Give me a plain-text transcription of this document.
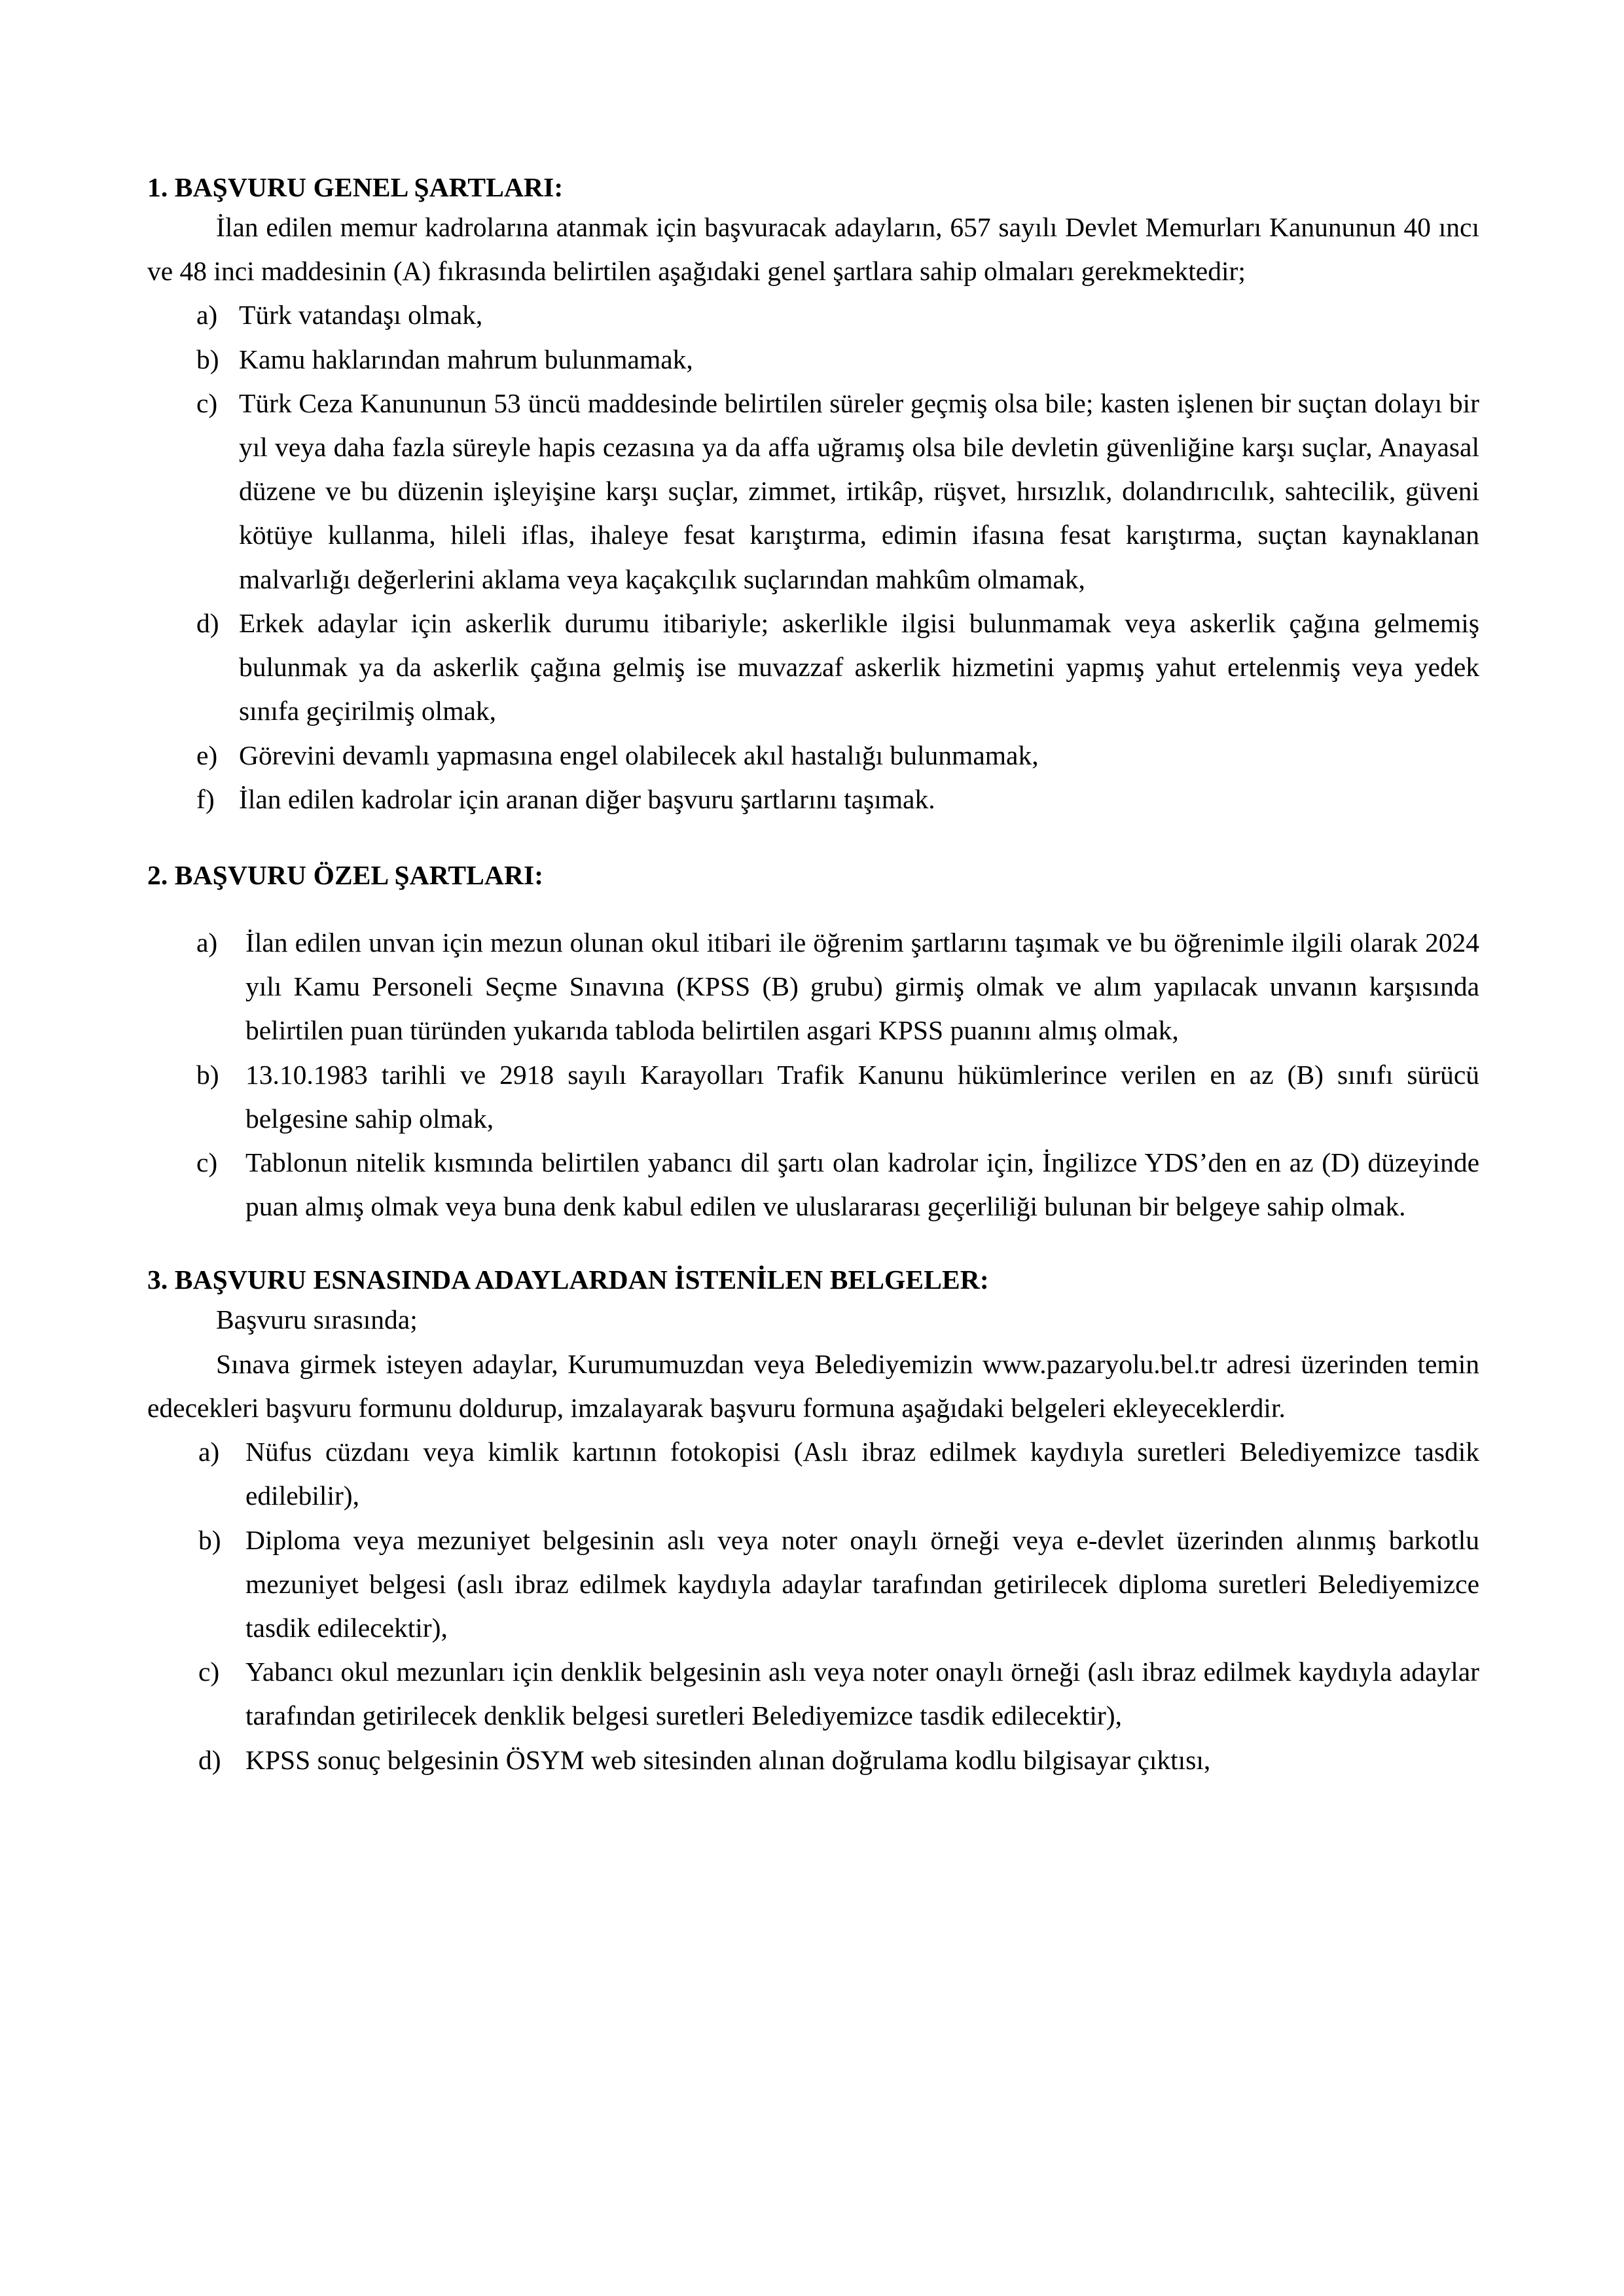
1. BAŞVURU GENEL ŞARTLARI:

İlan edilen memur kadrolarına atanmak için başvuracak adayların, 657 sayılı Devlet Memurları Kanununun 40 ıncı ve 48 inci maddesinin (A) fıkrasında belirtilen aşağıdaki genel şartlara sahip olmaları gerekmektedir;

a) Türk vatandaşı olmak,
b) Kamu haklarından mahrum bulunmamak,
c) Türk Ceza Kanununun 53 üncü maddesinde belirtilen süreler geçmiş olsa bile; kasten işlenen bir suçtan dolayı bir yıl veya daha fazla süreyle hapis cezasına ya da affa uğramış olsa bile devletin güvenliğine karşı suçlar, Anayasal düzene ve bu düzenin işleyişine karşı suçlar, zimmet, irtikâp, rüşvet, hırsızlık, dolandırıcılık, sahtecilik, güveni kötüye kullanma, hileli iflas, ihaleye fesat karıştırma, edimin ifasına fesat karıştırma, suçtan kaynaklanan malvarlığı değerlerini aklama veya kaçakçılık suçlarından mahkûm olmamak,
d) Erkek adaylar için askerlik durumu itibariyle; askerlikle ilgisi bulunmamak veya askerlik çağına gelmemiş bulunmak ya da askerlik çağına gelmiş ise muvazzaf askerlik hizmetini yapmış yahut ertelenmiş veya yedek sınıfa geçirilmiş olmak,
e) Görevini devamlı yapmasına engel olabilecek akıl hastalığı bulunmamak,
f) İlan edilen kadrolar için aranan diğer başvuru şartlarını taşımak.
2. BAŞVURU ÖZEL ŞARTLARI:
a)	İlan edilen unvan için mezun olunan okul itibari ile öğrenim şartlarını taşımak ve bu öğrenimle ilgili olarak 2024 yılı Kamu Personeli Seçme Sınavına (KPSS (B) grubu) girmiş olmak ve alım yapılacak unvanın karşısında belirtilen puan türünden yukarıda tabloda belirtilen asgari KPSS puanını almış olmak,
b) 13.10.1983 tarihli ve 2918 sayılı Karayolları Trafik Kanunu hükümlerince verilen en az (B) sınıfı sürücü belgesine sahip olmak,
c)	Tablonun nitelik kısmında belirtilen yabancı dil şartı olan kadrolar için, İngilizce YDS’den en az (D) düzeyinde puan almış olmak veya buna denk kabul edilen ve uluslararası geçerliliği bulunan bir belgeye sahip olmak.
3. BAŞVURU ESNASINDA ADAYLARDAN İSTENİLEN BELGELER:

Başvuru sırasında;

Sınava girmek isteyen adaylar, Kurumumuzdan veya Belediyemizin www.pazaryolu.bel.tr adresi üzerinden temin edecekleri başvuru formunu doldurup, imzalayarak başvuru formuna aşağıdaki belgeleri ekleyeceklerdir.

a) Nüfus cüzdanı veya kimlik kartının fotokopisi (Aslı ibraz edilmek kaydıyla suretleri Belediyemizce tasdik edilebilir),
b) Diploma veya mezuniyet belgesinin aslı veya noter onaylı örneği veya e-devlet üzerinden alınmış barkotlu mezuniyet belgesi (aslı ibraz edilmek kaydıyla adaylar tarafından getirilecek diploma suretleri Belediyemizce tasdik edilecektir),
c) Yabancı okul mezunları için denklik belgesinin aslı veya noter onaylı örneği (aslı ibraz edilmek kaydıyla adaylar tarafından getirilecek denklik belgesi suretleri Belediyemizce tasdik edilecektir),
d) KPSS sonuç belgesinin ÖSYM web sitesinden alınan doğrulama kodlu bilgisayar çıktısı,
